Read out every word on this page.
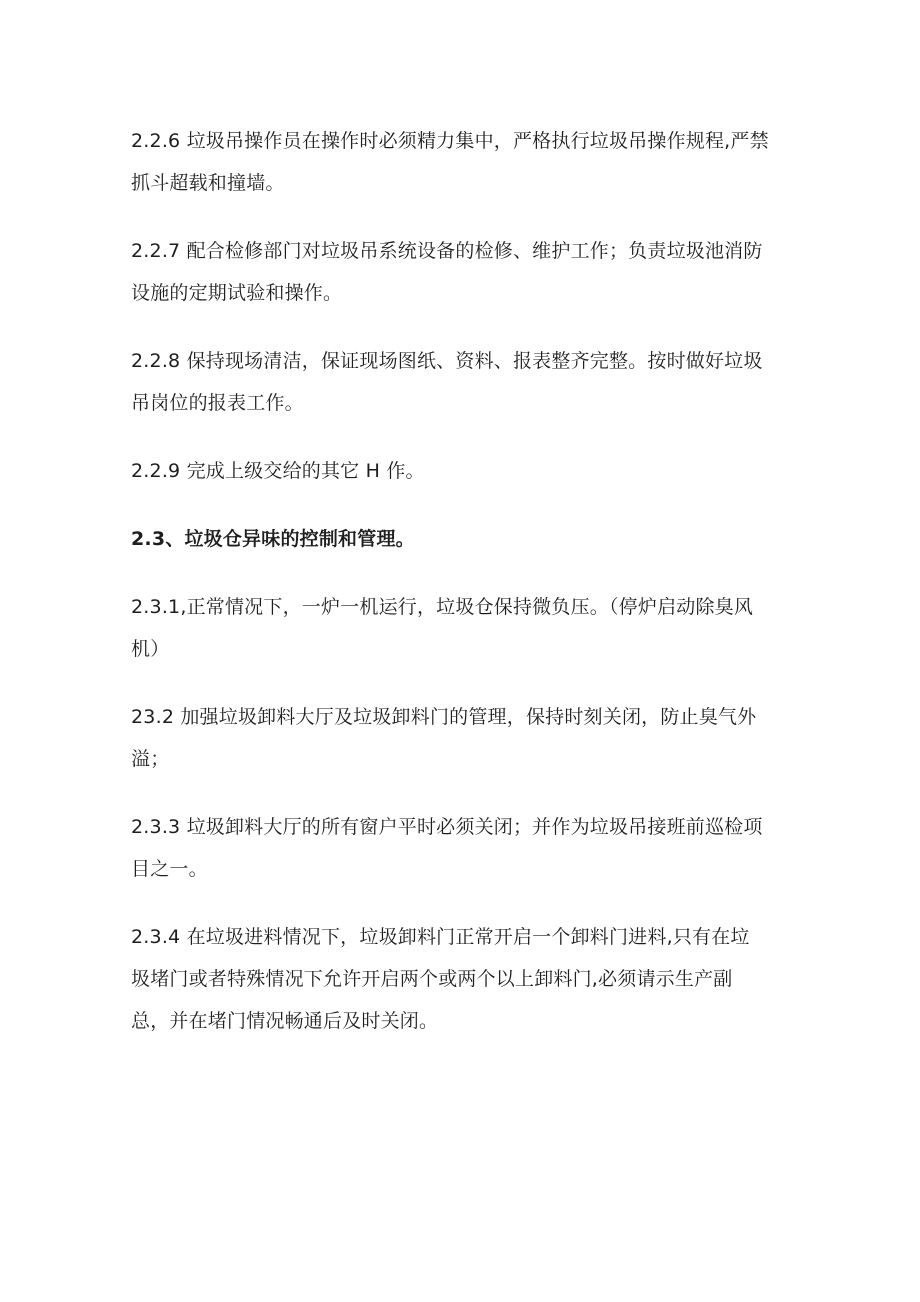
2.2.6 垃圾吊操作员在操作时必须精力集中，严格执行垃圾吊操作规程,严禁
抓斗超载和撞墙。

2.2.7 配合检修部门对垃圾吊系统设备的检修、维护工作；负责垃圾池消防
设施的定期试验和操作。

2.2.8 保持现场清洁，保证现场图纸、资料、报表整齐完整。按时做好垃圾
吊岗位的报表工作。

2.2.9 完成上级交给的其它 H 作。

2.3、垃圾仓异味的控制和管理。

2.3.1,正常情况下，一炉一机运行，垃圾仓保持微负压。（停炉启动除臭风
机）

23.2 加强垃圾卸料大厅及垃圾卸料门的管理，保持时刻关闭，防止臭气外
溢；

2.3.3 垃圾卸料大厅的所有窗户平时必须关闭；并作为垃圾吊接班前巡检项
目之一。

2.3.4 在垃圾进料情况下，垃圾卸料门正常开启一个卸料门进料,只有在垃
圾堵门或者特殊情况下允许开启两个或两个以上卸料门,必须请示生产副
总，并在堵门情况畅通后及时关闭。
